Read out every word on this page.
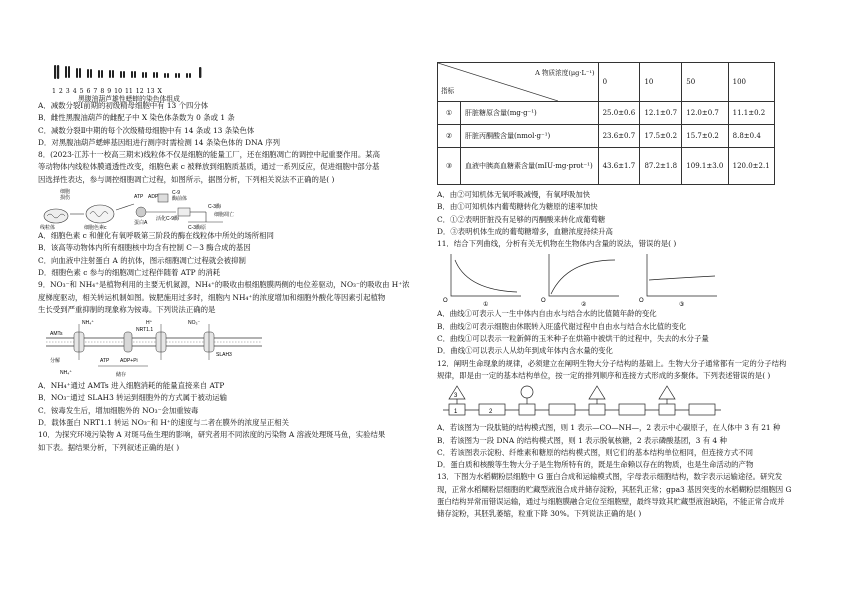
1 2 3 4 5 6 7 8 9 10 11 12 13 X
黑腹油葫芦雄性蟋蟀的染色体组成
A．减数分裂Ⅰ前期的初级精母细胞中有 13 个四分体
B．雌性黑腹油葫芦的雌配子中 X 染色体条数为 0 条或 1 条
C．减数分裂Ⅱ中期的每个次级精母细胞中有 14 条或 13 条染色体
D．对黑腹油葫芦蟋蟀基因组进行测序时需检测 14 条染色体的 DNA 序列
8．(2023·江苏十一校高三期末)线粒体不仅是细胞的能量工厂，还在细胞凋亡的调控中起重要作用。某高
等动物体内线粒体膜通透性改变，细胞色素 c 被释放到细胞质基质，通过一系列反应，促进细胞中部分基
因选择性表达，参与调控细胞凋亡过程，如图所示，据图分析，下列相关说法不正确的是( )
细胞
损伤
线粒体	细胞色素c
ATP ADP
蛋白A
C-9
酶前体
活化C-9酶
C-3酶
C-3酶原
细胞凋亡
A．细胞色素 c 和催化有氧呼吸第三阶段的酶在线粒体中所处的场所相同
B．该高等动物体内所有细胞核中均含有控制 C－3 酶合成的基因
C．向血液中注射蛋白 A 的抗体，图示细胞凋亡过程就会被抑制
D．细胞色素 c 参与的细胞凋亡过程伴随着 ATP 的消耗
9．NO₃⁻和 NH₄⁺是植物利用的主要无机氮源，NH₄⁺的吸收由根细胞膜两侧的电位差驱动，NO₃⁻的吸收由 H⁺浓
度梯度驱动，相关转运机制如图。铵肥施用过多时，细胞内 NH₄⁺的浓度增加和细胞外酸化等因素引起植物
生长受到严重抑制的现象称为铵毒。下列说法正确的是
AMTs
NH₄⁺	H⁺
NRT1.1
NO₃⁻
SLAH3
分解
NH₄⁺
ATP ADP+Pi
储存
A．NH₄⁺通过 AMTs 进入细胞消耗的能量直接来自 ATP
B．NO₃⁻通过 SLAH3 转运到细胞外的方式属于被动运输
C．铵毒发生后，增加细胞外的 NO₃⁻会加重铵毒
D．载体蛋白 NRT1.1 转运 NO₃⁻和 H⁺的速度与二者在膜外的浓度呈正相关
10．为探究环境污染物 A 对斑马鱼生理的影响，研究者用不同浓度的污染物 A 溶液处理斑马鱼，实验结果
如下表。据结果分析，下列叙述正确的是( )
A 物质浓度(μg·L⁻¹)
指标		0	10	50	100
①	肝脏糖原含量(mg·g⁻¹)	25.0±0.6	12.1±0.7	12.0±0.7	11.1±0.2
②	肝脏丙酮酸含量(nmol·g⁻¹)	23.6±0.7	17.5±0.2	15.7±0.2	8.8±0.4
③	血液中胰高血糖素含量(mIU·mg·prot⁻¹)	43.6±1.7	87.2±1.8	109.1±3.0	120.0±2.1
A．由②可知机体无氧呼吸减慢，有氧呼吸加快
B．由①可知机体内葡萄糖转化为糖原的速率加快
C．①②表明肝脏没有足够的丙酮酸来转化成葡萄糖
D．③表明机体生成的葡萄糖增多，血糖浓度持续升高
11．结合下列曲线，分析有关无机物在生物体内含量的说法，错误的是( )
O	O	O
①	②	③
A．曲线①可表示人一生中体内自由水与结合水的比值随年龄的变化
B．曲线②可表示细胞由休眠转入旺盛代谢过程中自由水与结合水比值的变化
C．曲线①可以表示一粒新鲜的玉米种子在烘箱中被烘干的过程中，失去的水分子量
D．曲线①可以表示人从幼年到成年体内含水量的变化
12．阐明生命现象的规律，必须建立在阐明生物大分子结构的基础上。生物大分子通常都有一定的分子结构
规律，即是由一定的基本结构单位，按一定的排列顺序和连接方式形成的多聚体。下列表述错误的是( )
3
1	2
A．若该图为一段肽链的结构模式图，则 1 表示—CO—NH—，2 表示中心碳原子，在人体中 3 有 21 种
B．若该图为一段 DNA 的结构模式图，则 1 表示脱氧核糖，2 表示磷酸基团，3 有 4 种
C．若该图表示淀粉、纤维素和糖原的结构模式图，则它们的基本结构单位相同，但连接方式不同
D．蛋白质和核酸等生物大分子是生物所特有的，既是生命赖以存在的物质，也是生命活动的产物
13．下图为水稻糊粉层细胞中 G 蛋白合成和运输模式图，字母表示细胞结构，数字表示运输途径。研究发
现，正常水稻糊粉层细胞的贮藏型液泡合成并储存淀粉，其胚乳正常；gpa3 基因突变的水稻糊粉层细胞因 G
蛋白结构异常而错误运输，通过与细胞膜融合定位至细胞壁，最终导致其贮藏型液泡缺陷，不能正常合成并
储存淀粉，其胚乳萎缩，粒重下降 30%。下列说法正确的是( )
